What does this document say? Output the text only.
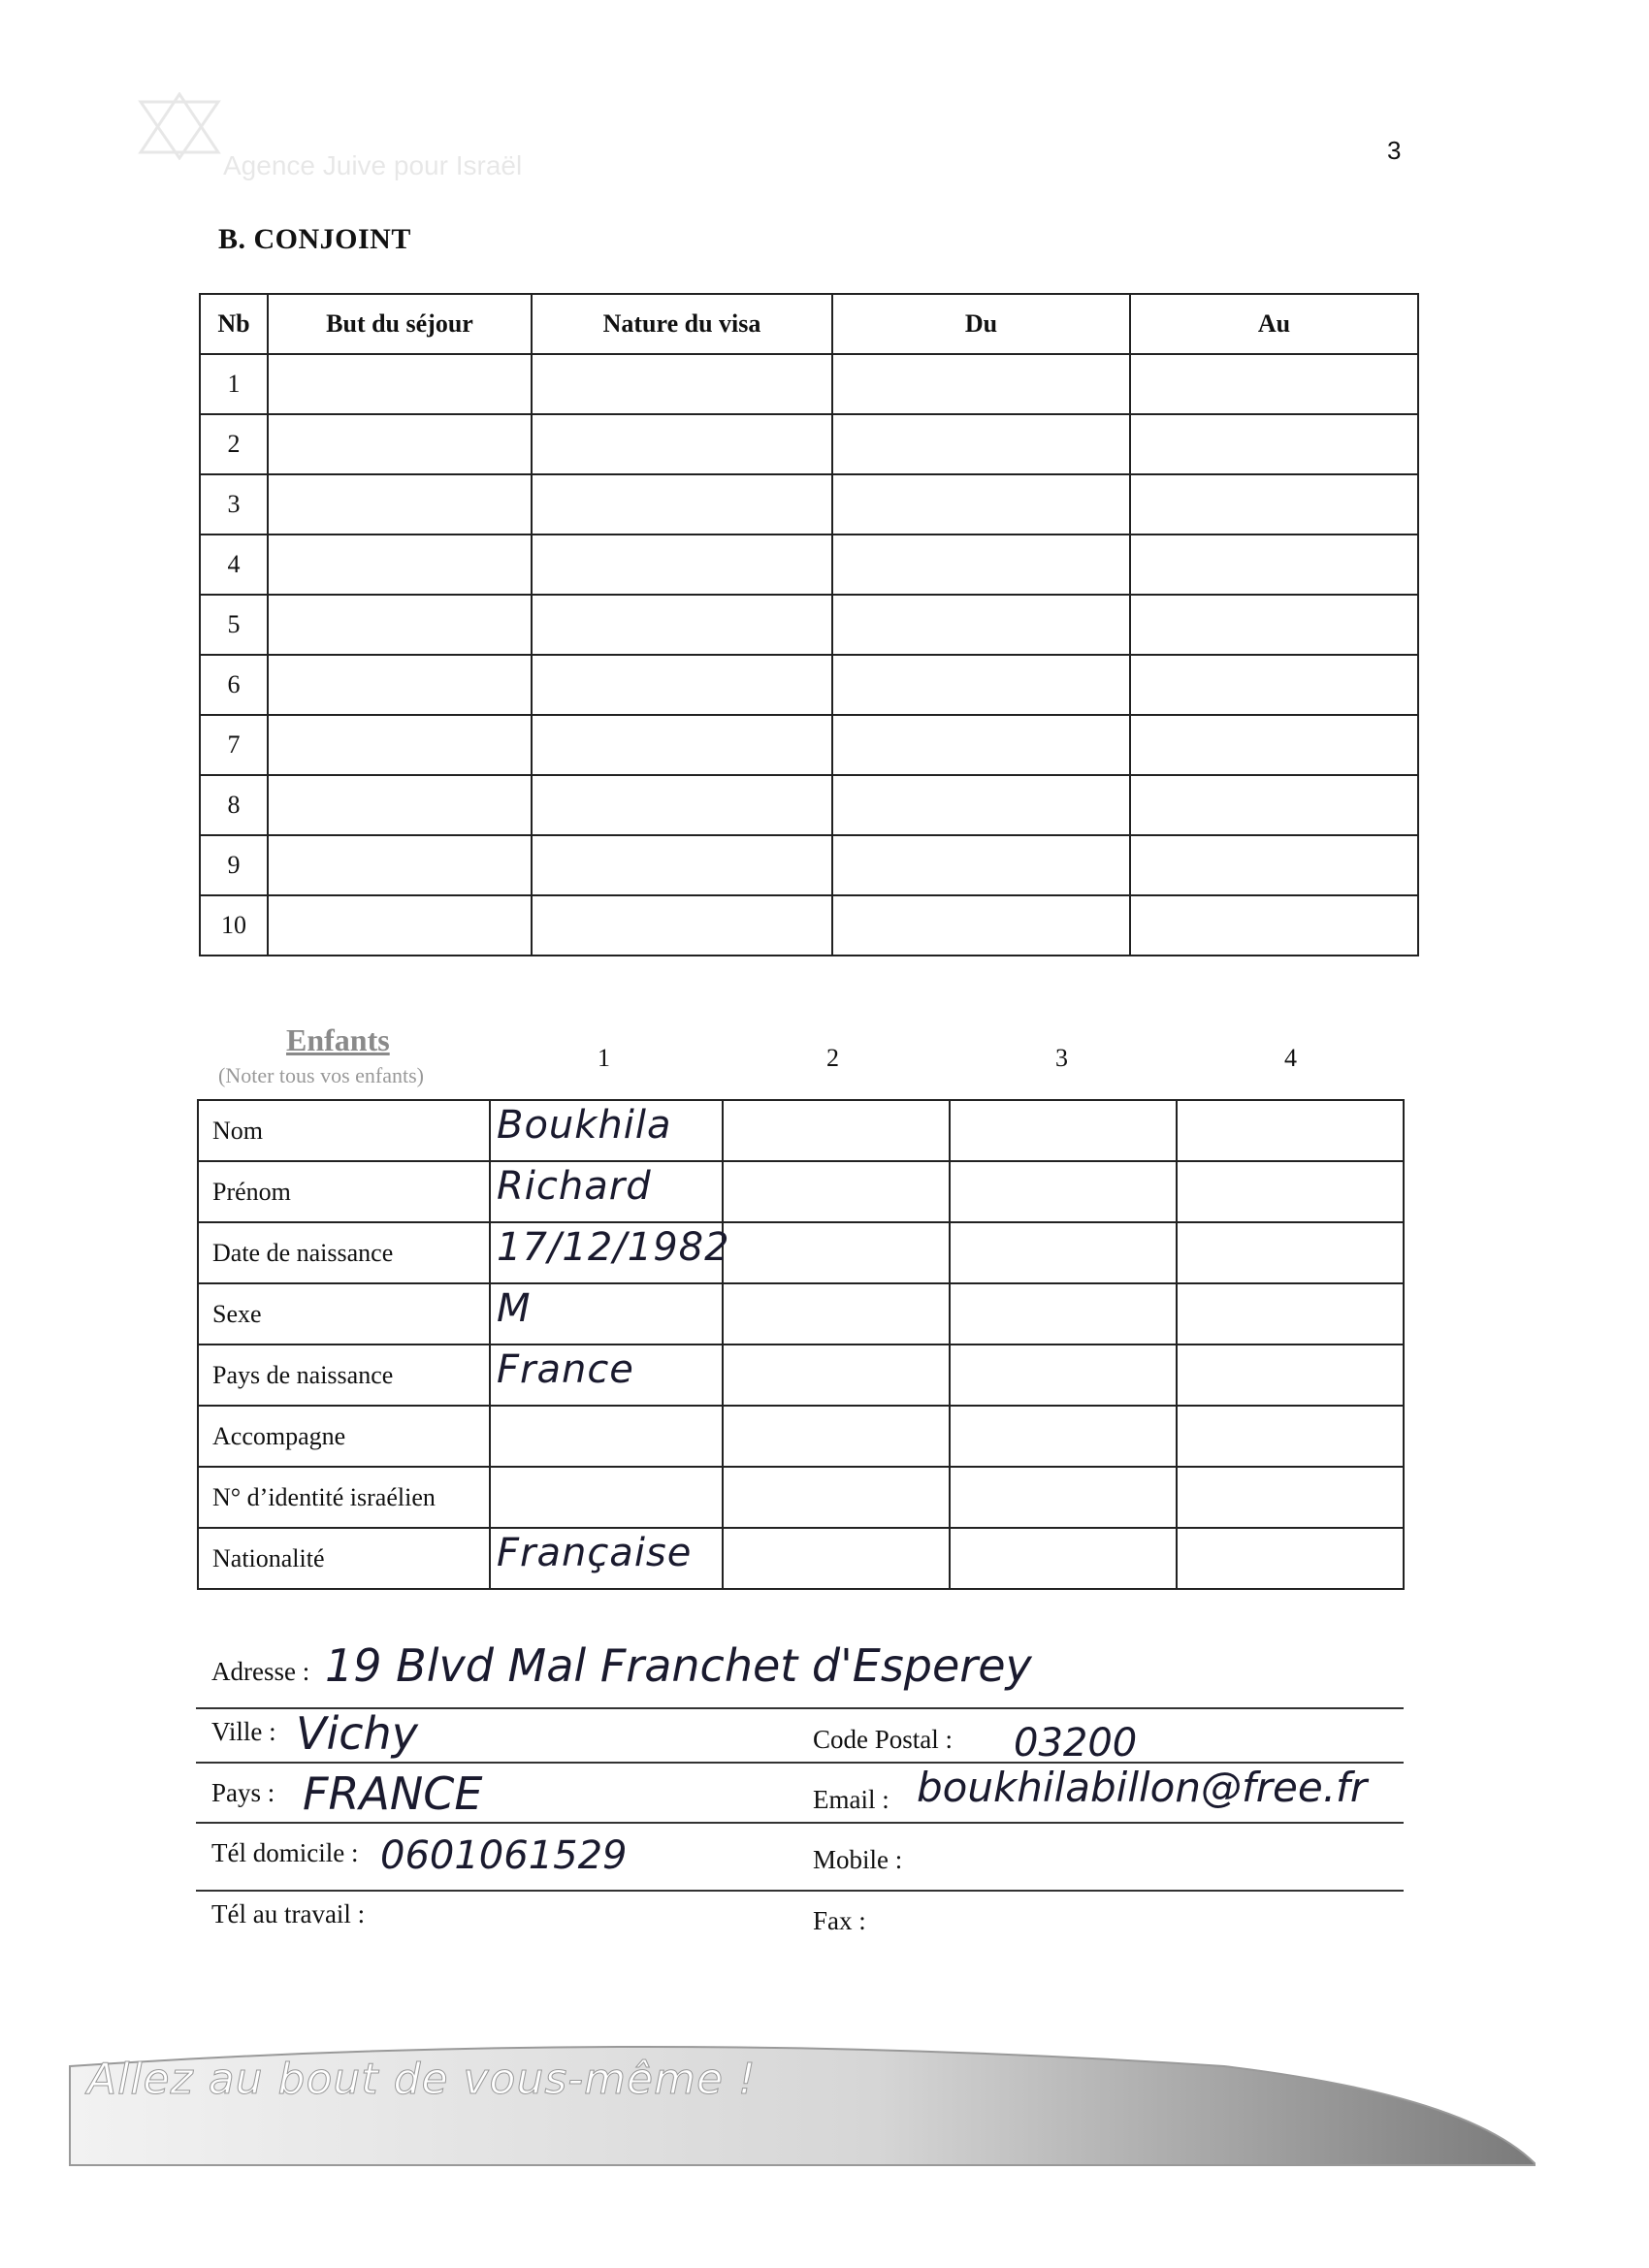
Agence Juive pour Israël	3
B. CONJOINT
Nb	But du séjour	Nature du visa	Du	Au
1				
2				
3				
4				
5				
6				
7				
8				
9				
10				
Enfants
(Noter tous vos enfants)
1	2	3	4
Nom	Boukhila			

Prénom	Richard			

Date de naissance	17/12/1982			

Sexe	M			

Pays de naissance	France			

Accompagne	

N° d’identité israélien	

Nationalité	Française			

Adresse : 19 Blvd Mal Franchet d'Esperey
Ville : Vichy	Code Postal : 03200
Pays : FRANCE	Email : boukhilabillon@free.fr
Tél domicile : 0601061529	Mobile :
Tél au travail :	Fax :
Allez au bout de vous-même !
